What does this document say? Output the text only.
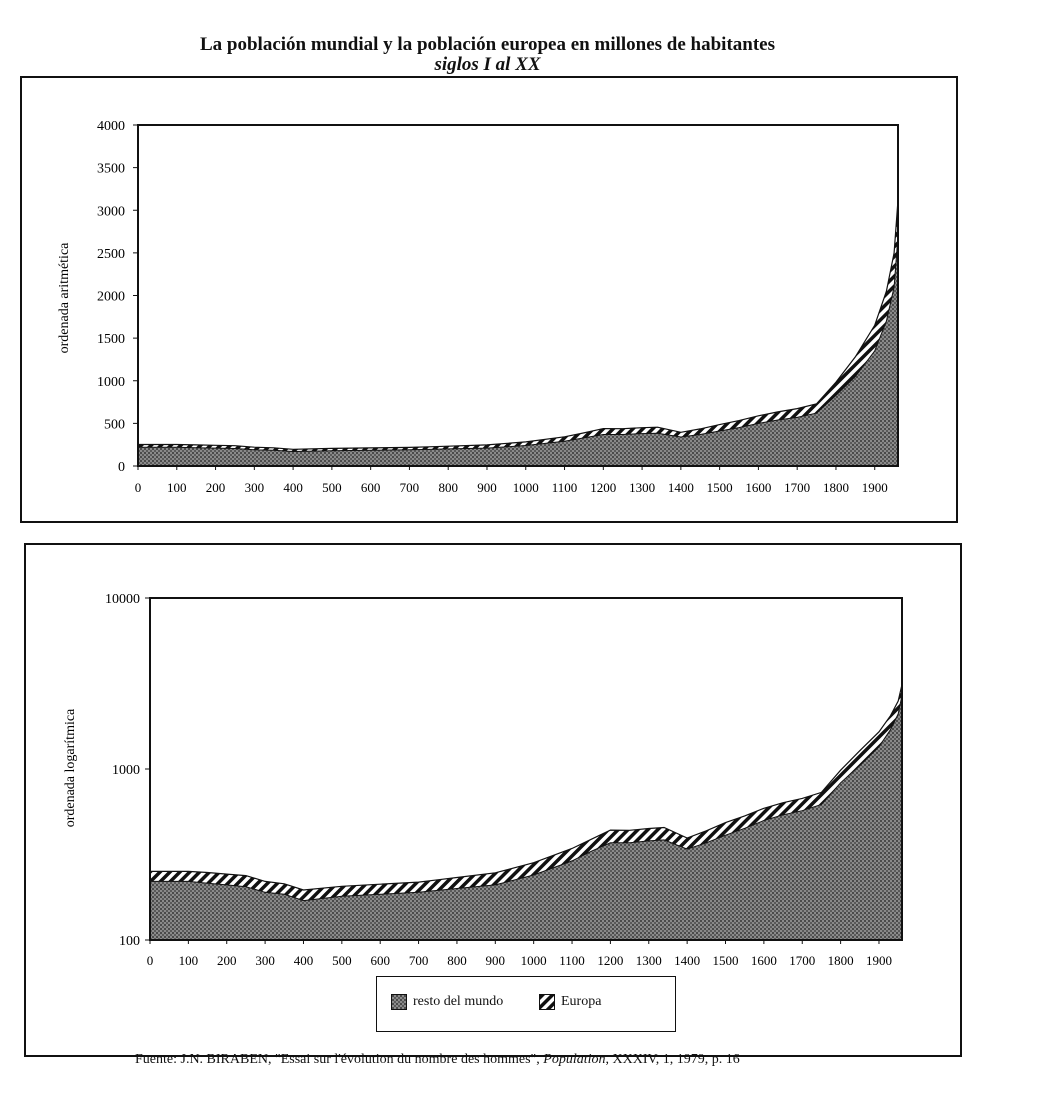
La población mundial y la población europea en millones de habitantes
siglos I al XX
0 100 200 300 400 500 600 700 800 900 1000 1100 1200 1300 1400 1500 1600 1700 1800 1900
0
500
1000
1500
2000
2500
3000
3500
4000
ordenada aritmética
0 100 200 300 400 500 600 700 800 900 1000 1100 1200 1300 1400 1500 1600 1700 1800 1900
100
1000
10000
ordenada logarítmica
resto del mundo	Europa
Fuente: J.N. BIRABEN, "Essai sur l'évolution du nombre des hommes", Population, XXXIV, 1, 1979, p. 16
